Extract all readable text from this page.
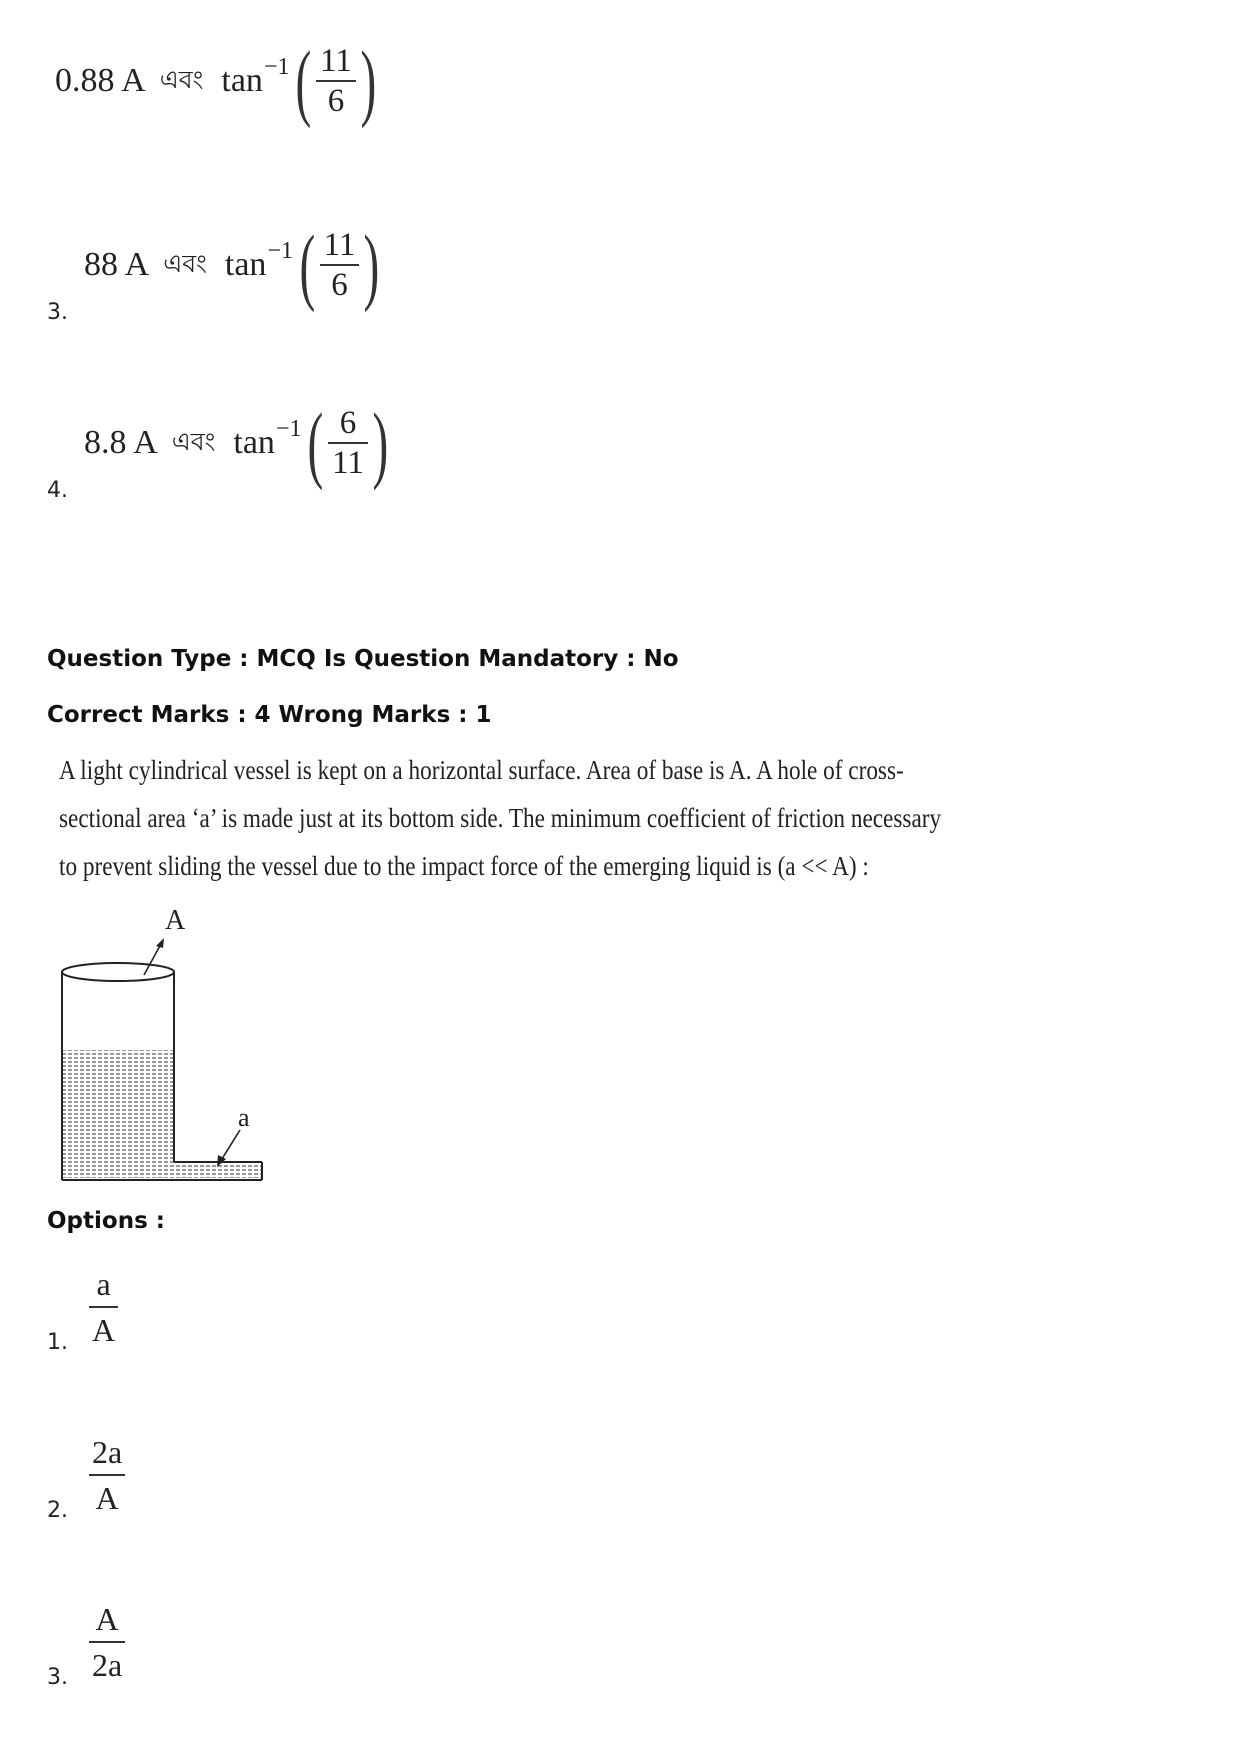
0.88 A এবং tan −1 ( $\frac{11}{6}$ )
3.
88 A এবং tan −1 ( $\frac{11}{6}$ )
4.
8.8 A এবং tan −1 ( $\frac{6}{11}$ )
Question Type : MCQ Is Question Mandatory : No
Correct Marks : 4 Wrong Marks : 1
A light cylindrical vessel is kept on a horizontal surface. Area of base is A. A hole of cross-
sectional area ‘a’ is made just at its bottom side. The minimum coefficient of friction necessary
to prevent sliding the vessel due to the impact force of the emerging liquid is (a << A) :
A
a
Options :
1.
a
A
2.
2a
A
3.
A
2a
